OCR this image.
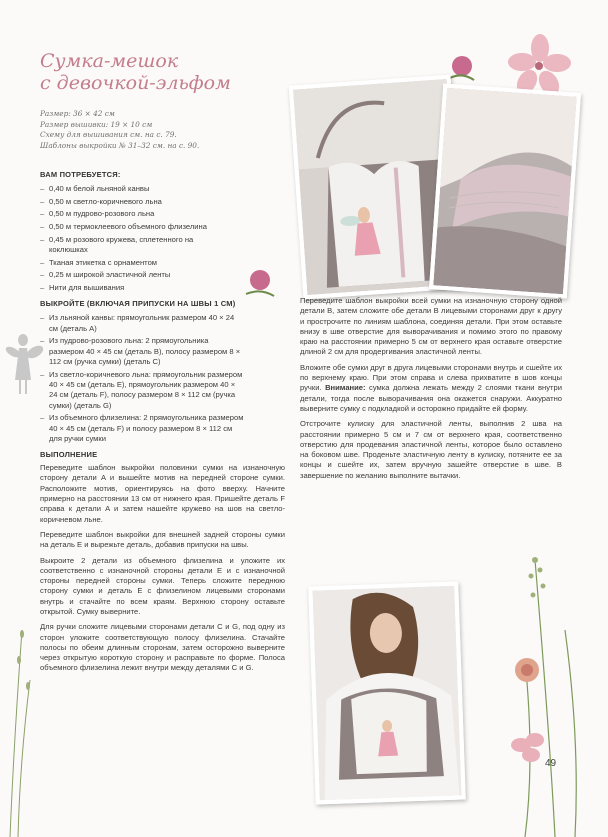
Сумка-мешок
с девочкой-эльфом
Размер: 36 × 42 см
Размер вышивки: 19 × 10 см
Схему для вышивания см. на с. 79.
Шаблоны выкройки № 31–32 см. на с. 90.
ВАМ ПОТРЕБУЕТСЯ:
– 0,40 м белой льняной канвы
– 0,50 м светло-коричневого льна
– 0,50 м пудрово-розового льна
– 0,50 м термоклеевого объемного флизелина
– 0,45 м розового кружева, сплетенного на коклюшках
– Тканая этикетка с орнаментом
– 0,25 м широкой эластичной ленты
– Нити для вышивания
ВЫКРОЙТЕ (ВКЛЮЧАЯ ПРИПУСКИ НА ШВЫ 1 СМ)
– Из льняной канвы: прямоугольник размером 40 × 24 см (деталь A)
– Из пудрово-розового льна: 2 прямоугольника размером 40 × 45 см (деталь B), полосу размером 8 × 112 см (ручка сумки) (деталь C)
– Из светло-коричневого льна: прямоугольник размером 40 × 45 см (деталь E), прямоугольник размером 40 × 24 см (деталь F), полосу размером 8 × 112 см (ручка сумки) (деталь G)
– Из объемного флизелина: 2 прямоугольника размером 40 × 45 см (деталь F) и полосу размером 8 × 112 см для ручки сумки
ВЫПОЛНЕНИЕ

Переведите шаблон выкройки половинки сумки на изнаночную сторону детали A и вышейте мотив на передней стороне сумки. Расположите мотив, ориентируясь на фото вверху. Начните примерно на расстоянии 13 см от нижнего края. Пришейте деталь F справа к детали A и затем нашейте кружево на шов на светло-коричневом льне.

Переведите шаблон выкройки для внешней задней стороны сумки на деталь E и вырежьте деталь, добавив припуски на швы.

Выкроите 2 детали из объемного флизелина и уложите их соответственно с изнаночной стороны детали E и с изнаночной стороны передней стороны сумки. Теперь сложите переднюю сторону сумки и деталь E с флизелином лицевыми сторонами внутрь и стачайте по всем краям. Верхнюю сторону оставьте открытой. Сумку выверните.

Для ручки сложите лицевыми сторонами детали C и G, под одну из сторон уложите соответствующую полосу флизелина. Стачайте полосы по обеим длинным сторонам, затем осторожно выверните через открытую короткую сторону и расправьте по форме. Полоса объемного флизелина лежит внутри между деталями C и G.

Переведите шаблон выкройки всей сумки на изнаночную сторону одной детали B, затем сложите обе детали B лицевыми сторонами друг к другу и прострочите по линиям шаблона, соединяя детали. При этом оставьте внизу в шве отверстие для выворачивания и помимо этого по правому краю на расстоянии примерно 5 см от верхнего края оставьте отверстие длиной 2 см для продергивания эластичной ленты.

Вложите обе сумки друг в друга лицевыми сторонами внутрь и сшейте их по верхнему краю. При этом справа и слева прихватите в шов концы ручки. Внимание: сумка должна лежать между 2 слоями ткани внутри детали, тогда после выворачивания она окажется снаружи. Аккуратно выверните сумку с подкладкой и осторожно придайте ей форму.

Отстрочите кулиску для эластичной ленты, выполнив 2 шва на расстоянии примерно 5 см и 7 см от верхнего края, соответственно отверстию для продевания эластичной ленты, которое было оставлено на боковом шве. Проденьте эластичную ленту в кулиску, потяните ее за концы и сшейте их, затем вручную зашейте отверстие в шве. В завершение по желанию выполните вытачки.

49
